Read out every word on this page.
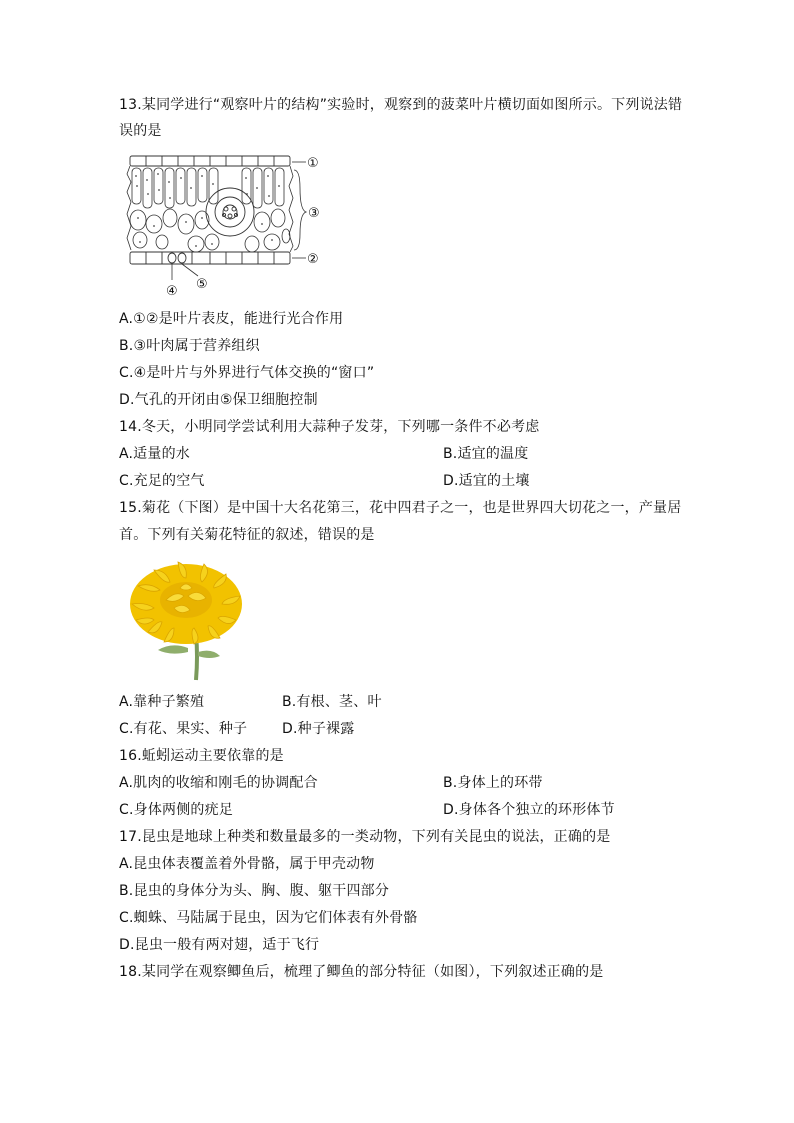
13.某同学进行“观察叶片的结构”实验时，观察到的菠菜叶片横切面如图所示。下列说法错
误的是
①
②
③
④ ⑤
A.①②是叶片表皮，能进行光合作用
B.③叶肉属于营养组织
C.④是叶片与外界进行气体交换的“窗口”
D.气孔的开闭由⑤保卫细胞控制
14.冬天，小明同学尝试利用大蒜种子发芽，下列哪一条件不必考虑
A.适量的水	B.适宜的温度
C.充足的空气	D.适宜的土壤
15.菊花（下图）是中国十大名花第三，花中四君子之一，也是世界四大切花之一，产量居
首。下列有关菊花特征的叙述，错误的是
A.靠种子繁殖	B.有根、茎、叶
C.有花、果实、种子 D.种子裸露
16.蚯蚓运动主要依靠的是
A.肌肉的收缩和刚毛的协调配合	B.身体上的环带
C.身体两侧的疣足	D.身体各个独立的环形体节
17.昆虫是地球上种类和数量最多的一类动物，下列有关昆虫的说法，正确的是
A.昆虫体表覆盖着外骨骼，属于甲壳动物
B.昆虫的身体分为头、胸、腹、躯干四部分
C.蜘蛛、马陆属于昆虫，因为它们体表有外骨骼
D.昆虫一般有两对翅，适于飞行
18.某同学在观察鲫鱼后，梳理了鲫鱼的部分特征（如图），下列叙述正确的是
